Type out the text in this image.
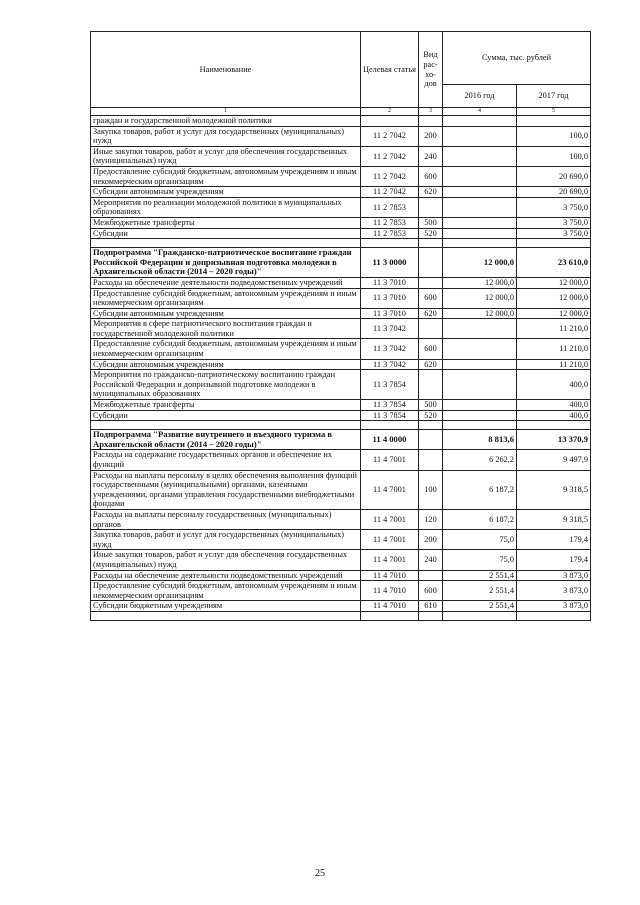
Наименование	Целевая статья	Вид рас-хо-дов	Сумма, тыс. рублей	
			2016 год	2017 год
1	2	3	4	5
граждан и государственной молодежной политики				
Закупка товаров, работ и услуг для государственных (муниципальных) нужд	11 2 7042	200		100,0
Иные закупки товаров, работ и услуг для обеспечения государственных (муниципальных) нужд	11 2 7042	240		100,0
Предоставление субсидий бюджетным, автономным учреждениям и иным некоммерческим организациям	11 2 7042	600		20 690,0
Субсидии автономным учреждениям	11 2 7042	620		20 690,0
Мероприятия по реализации молодежной политики в муниципальных образованиях	11 2 7853			3 750,0
Межбюджетные трансферты	11 2 7853	500		3 750,0
Субсидии	11 2 7853	520		3 750,0

Подпрограмма "Гражданско-патриотическое воспитание граждан Российской Федерации и допризывная подготовка молодежи в Архангельской области (2014 – 2020 годы)"	11 3 0000		12 000,0	23 610,0
Расходы на обеспечение деятельности подведомственных учреждений	11 3 7010		12 000,0	12 000,0
Предоставление субсидий бюджетным, автономным учреждениям и иным некоммерческим организациям	11 3 7010	600	12 000,0	12 000,0
Субсидии автономным учреждениям	11 3 7010	620	12 000,0	12 000,0
Мероприятия в сфере патриотического воспитания граждан и государственной молодежной политики	11 3 7042			11 210,0
Предоставление субсидий бюджетным, автономным учреждениям и иным некоммерческим организациям	11 3 7042	600		11 210,0
Субсидии автономным учреждениям	11 3 7042	620		11 210,0
Мероприятия по гражданско-патриотическому воспитанию граждан Российской Федерации и допризывной подготовке молодежи в муниципальных образованиях	11 3 7854			400,0
Межбюджетные трансферты	11 3 7854	500		400,0
Субсидии	11 3 7854	520		400,0

Подпрограмма "Развитие внутреннего и въездного туризма в Архангельской области (2014 – 2020 годы)"	11 4 0000		8 813,6	13 370,9
Расходы на содержание государственных органов и обеспечение их функций	11 4 7001		6 262,2	9 497,9
Расходы на выплаты персоналу в целях обеспечения выполнения функций государственными (муниципальными) органами, казенными учреждениями, органами управления государственными внебюджетными фондами	11 4 7001	100	6 187,2	9 318,5
Расходы на выплаты персоналу государственных (муниципальных) органов	11 4 7001	120	6 187,2	9 318,5
Закупка товаров, работ и услуг для государственных (муниципальных) нужд	11 4 7001	200	75,0	179,4
Иные закупки товаров, работ и услуг для обеспечения государственных (муниципальных) нужд	11 4 7001	240	75,0	179,4
Расходы на обеспечение деятельности подведомственных учреждений	11 4 7010		2 551,4	3 873,0
Предоставление субсидий бюджетным, автономным учреждениям и иным некоммерческим организациям	11 4 7010	600	2 551,4	3 873,0
Субсидии бюджетным учреждениям	11 4 7010	610	2 551,4	3 873,0

25
